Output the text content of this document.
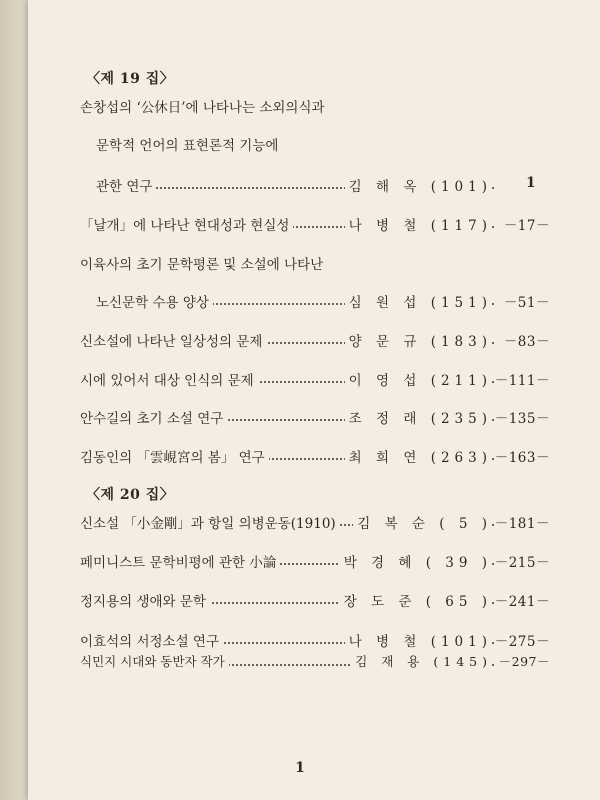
〈제 19 집〉
손창섭의 ‘公休日’에 나타나는 소외의식과
문학적 언어의 표현론적 기능에
관한 연구	김 해 옥 (101)	1
「날개」에 나타난 현대성과 현실성	나 병 철 (117) －17－
이육사의 초기 문학평론 및 소설에 나타난
노신문학 수용 양상	심 원 섭 (151) －51－
신소설에 나타난 일상성의 문제	양 문 규 (183) －83－
시에 있어서 대상 인식의 문제	이 영 섭 (211) －111－
안수길의 초기 소설 연구	조 정 래 (235) －135－
김동인의 「雲峴宮의 봄」 연구	최 희 연 (263) －163－
〈제 20 집〉
신소설 「小金剛」과 항일 의병운동(1910) 김 복 순 ( 5 ) －181－
페미니스트 문학비평에 관한 小論	박 경 혜 ( 39 ) －215－
정지용의 생애와 문학	장 도 준 ( 65 ) －241－
이효석의 서정소설 연구	나 병 철 (101) －275－
식민지 시대와 동반자 작가	김 재 용 (145) －297－
1
